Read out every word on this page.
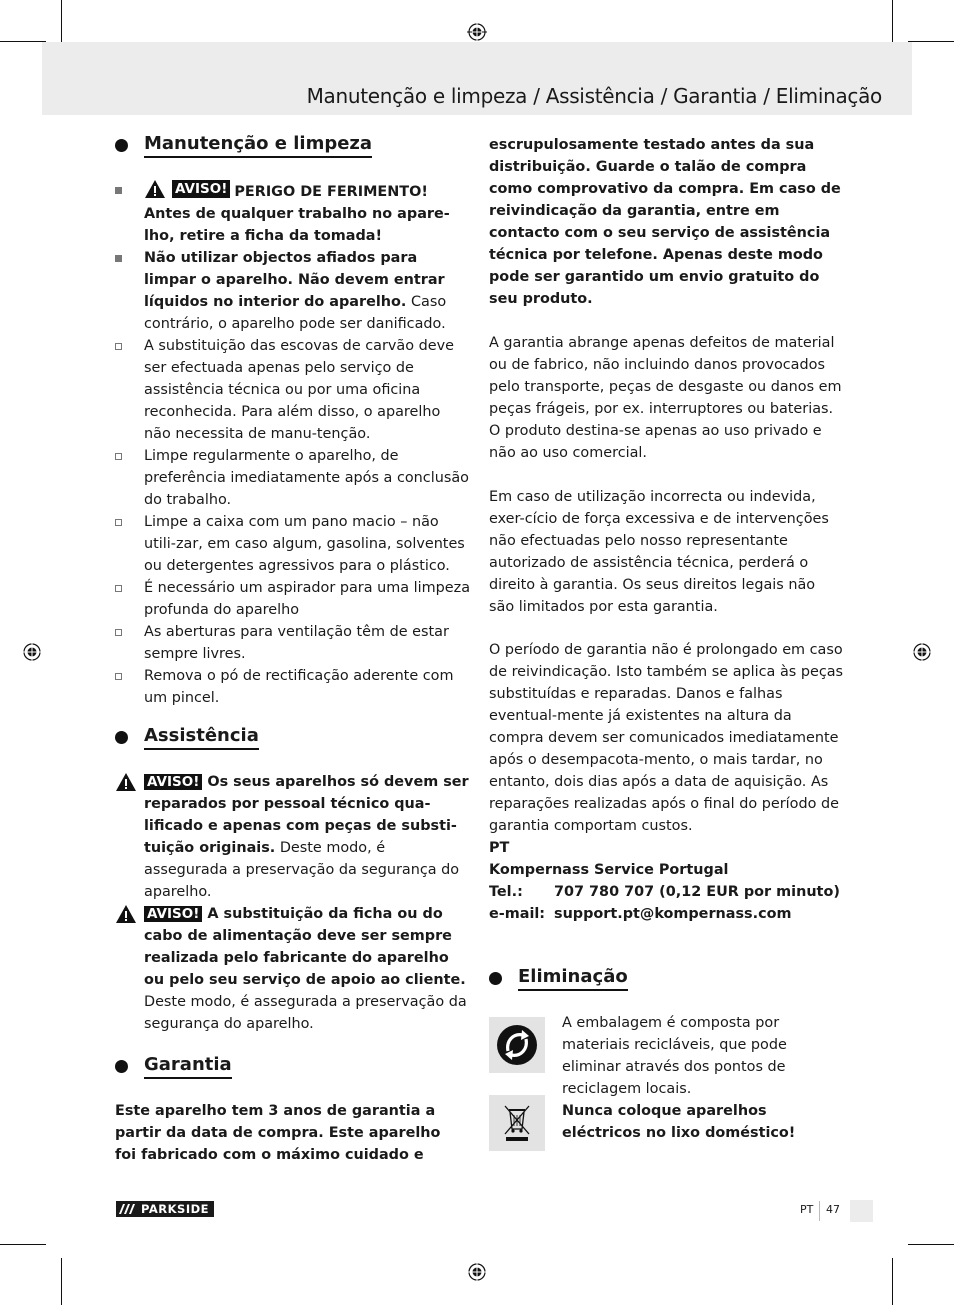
Manutenção e limpeza / Assistência / Garantia / Eliminação
Manutenção e limpeza
AVISO! PERIGO DE FERIMENTO! Antes de qualquer trabalho no apare-lho, retire a ficha da tomada!
Não utilizar objectos afiados para limpar o aparelho. Não devem entrar líquidos no interior do aparelho. Caso contrário, o aparelho pode ser danificado.
A substituição das escovas de carvão deve ser efectuada apenas pelo serviço de assistência técnica ou por uma oficina reconhecida. Para além disso, o aparelho não necessita de manu-tenção.
Limpe regularmente o aparelho, de preferência imediatamente após a conclusão do trabalho.
Limpe a caixa com um pano macio – não utili-zar, em caso algum, gasolina, solventes ou detergentes agressivos para o plástico.
É necessário um aspirador para uma limpeza profunda do aparelho
As aberturas para ventilação têm de estar sempre livres.
Remova o pó de rectificação aderente com um pincel.
Assistência
AVISO! Os seus aparelhos só devem ser reparados por pessoal técnico qua-lificado e apenas com peças de substi-tuição originais. Deste modo, é assegurada a preservação da segurança do aparelho.
AVISO! A substituição da ficha ou do cabo de alimentação deve ser sempre realizada pelo fabricante do aparelho ou pelo seu serviço de apoio ao cliente. Deste modo, é assegurada a preservação da segurança do aparelho.
Garantia
Este aparelho tem 3 anos de garantia a partir da data de compra. Este aparelho foi fabricado com o máximo cuidado e
escrupulosamente testado antes da sua distribuição. Guarde o talão de compra como comprovativo da compra. Em caso de reivindicação da garantia, entre em contacto com o seu serviço de assistência técnica por telefone. Apenas deste modo pode ser garantido um envio gratuito do seu produto.
A garantia abrange apenas defeitos de material ou de fabrico, não incluindo danos provocados pelo transporte, peças de desgaste ou danos em peças frágeis, por ex. interruptores ou baterias. O produto destina-se apenas ao uso privado e não ao uso comercial.
Em caso de utilização incorrecta ou indevida, exer-cício de força excessiva e de intervenções não efectuadas pelo nosso representante autorizado de assistência técnica, perderá o direito à garantia. Os seus direitos legais não são limitados por esta garantia.
O período de garantia não é prolongado em caso de reivindicação. Isto também se aplica às peças substituídas e reparadas. Danos e falhas eventual-mente já existentes na altura da compra devem ser comunicados imediatamente após o desempacota-mento, o mais tardar, no entanto, dois dias após a data de aquisição. As reparações realizadas após o final do período de garantia comportam custos.
PT
Kompernass Service Portugal
Tel.:	707 780 707 (0,12 EUR por minuto)
e-mail: support.pt@kompernass.com
Eliminação
A embalagem é composta por materiais recicláveis, que pode eliminar através dos pontos de reciclagem locais.
Nunca coloque aparelhos eléctricos no lixo doméstico!
PARKSIDE	PT 47
